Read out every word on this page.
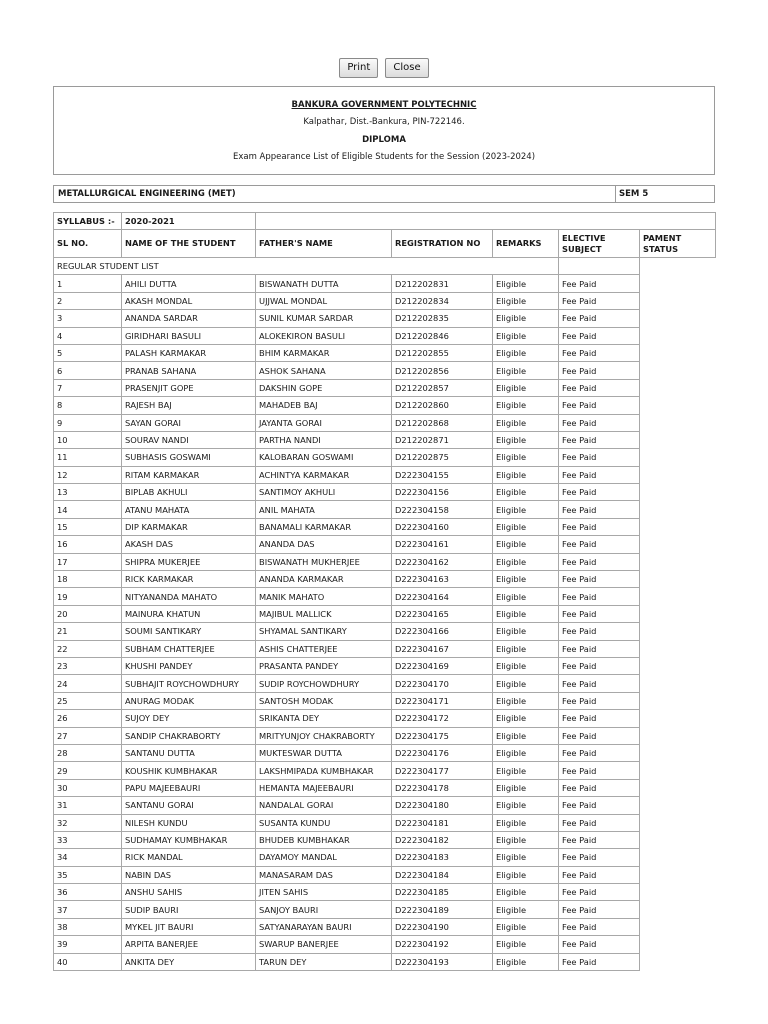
Print Close
BANKURA GOVERNMENT POLYTECHNIC
Kalpathar, Dist.-Bankura, PIN-722146.
DIPLOMA
Exam Appearance List of Eligible Students for the Session (2023-2024)
METALLURGICAL ENGINEERING (MET)	SEM 5
SYLLABUS :-	2020-2021					
SL NO.	NAME OF THE STUDENT	FATHER'S NAME	REGISTRATION NO	REMARKS	ELECTIVE SUBJECT	PAMENT STATUS
REGULAR STUDENT LIST						
1	AHILI DUTTA	BISWANATH DUTTA	D212202831	Eligible	Fee Paid	
2	AKASH MONDAL	UJJWAL MONDAL	D212202834	Eligible	Fee Paid	
3	ANANDA SARDAR	SUNIL KUMAR SARDAR	D212202835	Eligible	Fee Paid	
4	GIRIDHARI BASULI	ALOKEKIRON BASULI	D212202846	Eligible	Fee Paid	
5	PALASH KARMAKAR	BHIM KARMAKAR	D212202855	Eligible	Fee Paid	
6	PRANAB SAHANA	ASHOK SAHANA	D212202856	Eligible	Fee Paid	
7	PRASENJIT GOPE	DAKSHIN GOPE	D212202857	Eligible	Fee Paid	
8	RAJESH BAJ	MAHADEB BAJ	D212202860	Eligible	Fee Paid	
9	SAYAN GORAI	JAYANTA GORAI	D212202868	Eligible	Fee Paid	
10	SOURAV NANDI	PARTHA NANDI	D212202871	Eligible	Fee Paid	
11	SUBHASIS GOSWAMI	KALOBARAN GOSWAMI	D212202875	Eligible	Fee Paid	
12	RITAM KARMAKAR	ACHINTYA KARMAKAR	D222304155	Eligible	Fee Paid	
13	BIPLAB AKHULI	SANTIMOY AKHULI	D222304156	Eligible	Fee Paid	
14	ATANU MAHATA	ANIL MAHATA	D222304158	Eligible	Fee Paid	
15	DIP KARMAKAR	BANAMALI KARMAKAR	D222304160	Eligible	Fee Paid	
16	AKASH DAS	ANANDA DAS	D222304161	Eligible	Fee Paid	
17	SHIPRA MUKERJEE	BISWANATH MUKHERJEE	D222304162	Eligible	Fee Paid	
18	RICK KARMAKAR	ANANDA KARMAKAR	D222304163	Eligible	Fee Paid	
19	NITYANANDA MAHATO	MANIK MAHATO	D222304164	Eligible	Fee Paid	
20	MAINURA KHATUN	MAJIBUL MALLICK	D222304165	Eligible	Fee Paid	
21	SOUMI SANTIKARY	SHYAMAL SANTIKARY	D222304166	Eligible	Fee Paid	
22	SUBHAM CHATTERJEE	ASHIS CHATTERJEE	D222304167	Eligible	Fee Paid	
23	KHUSHI PANDEY	PRASANTA PANDEY	D222304169	Eligible	Fee Paid	
24	SUBHAJIT ROYCHOWDHURY	SUDIP ROYCHOWDHURY	D222304170	Eligible	Fee Paid	
25	ANURAG MODAK	SANTOSH MODAK	D222304171	Eligible	Fee Paid	
26	SUJOY DEY	SRIKANTA DEY	D222304172	Eligible	Fee Paid	
27	SANDIP CHAKRABORTY	MRITYUNJOY CHAKRABORTY	D222304175	Eligible	Fee Paid	
28	SANTANU DUTTA	MUKTESWAR DUTTA	D222304176	Eligible	Fee Paid	
29	KOUSHIK KUMBHAKAR	LAKSHMIPADA KUMBHAKAR	D222304177	Eligible	Fee Paid	
30	PAPU MAJEEBAURI	HEMANTA MAJEEBAURI	D222304178	Eligible	Fee Paid	
31	SANTANU GORAI	NANDALAL GORAI	D222304180	Eligible	Fee Paid	
32	NILESH KUNDU	SUSANTA KUNDU	D222304181	Eligible	Fee Paid	
33	SUDHAMAY KUMBHAKAR	BHUDEB KUMBHAKAR	D222304182	Eligible	Fee Paid	
34	RICK MANDAL	DAYAMOY MANDAL	D222304183	Eligible	Fee Paid	
35	NABIN DAS	MANASARAM DAS	D222304184	Eligible	Fee Paid	
36	ANSHU SAHIS	JITEN SAHIS	D222304185	Eligible	Fee Paid	
37	SUDIP BAURI	SANJOY BAURI	D222304189	Eligible	Fee Paid	
38	MYKEL JIT BAURI	SATYANARAYAN BAURI	D222304190	Eligible	Fee Paid	
39	ARPITA BANERJEE	SWARUP BANERJEE	D222304192	Eligible	Fee Paid	
40	ANKITA DEY	TARUN DEY	D222304193	Eligible	Fee Paid	
